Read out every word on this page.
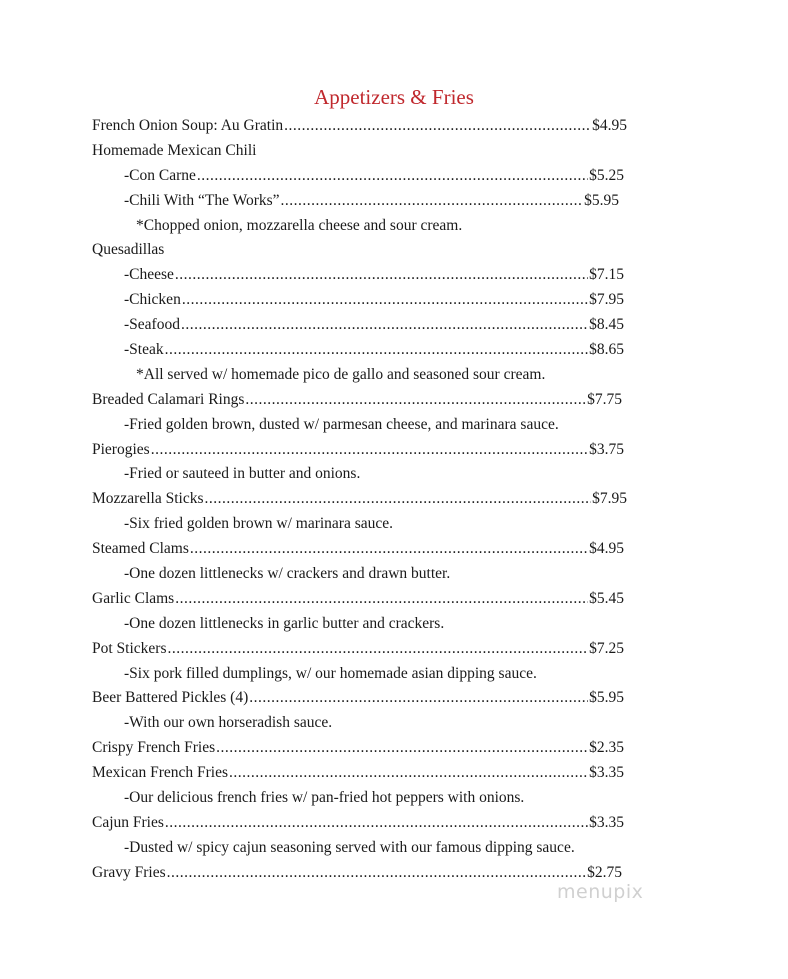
Appetizers & Fries
French Onion Soup: Au Gratin .....	$4.95
Homemade Mexican Chili
-Con Carne .....	$5.25
-Chili With “The Works” .....	$5.95
*Chopped onion, mozzarella cheese and sour cream.
Quesadillas
-Cheese .....	$7.15
-Chicken .....	$7.95
-Seafood .....	$8.45
-Steak .....	$8.65
*All served w/ homemade pico de gallo and seasoned sour cream.
Breaded Calamari Rings .....	$7.75
-Fried golden brown, dusted w/ parmesan cheese, and marinara sauce.
Pierogies .....	$3.75
-Fried or sauteed in butter and onions.
Mozzarella Sticks .....	$7.95
-Six fried golden brown w/ marinara sauce.
Steamed Clams .....	$4.95
-One dozen littlenecks w/ crackers and drawn butter.
Garlic Clams .....	$5.45
-One dozen littlenecks in garlic butter and crackers.
Pot Stickers .....	$7.25
-Six pork filled dumplings, w/ our homemade asian dipping sauce.
Beer Battered Pickles (4) .....	$5.95
-With our own horseradish sauce.
Crispy French Fries .....	$2.35
Mexican French Fries .....	$3.35
-Our delicious french fries w/ pan-fried hot peppers with onions.
Cajun Fries .....	$3.35
-Dusted w/ spicy cajun seasoning served with our famous dipping sauce.
Gravy Fries .....	$2.75
menupix
